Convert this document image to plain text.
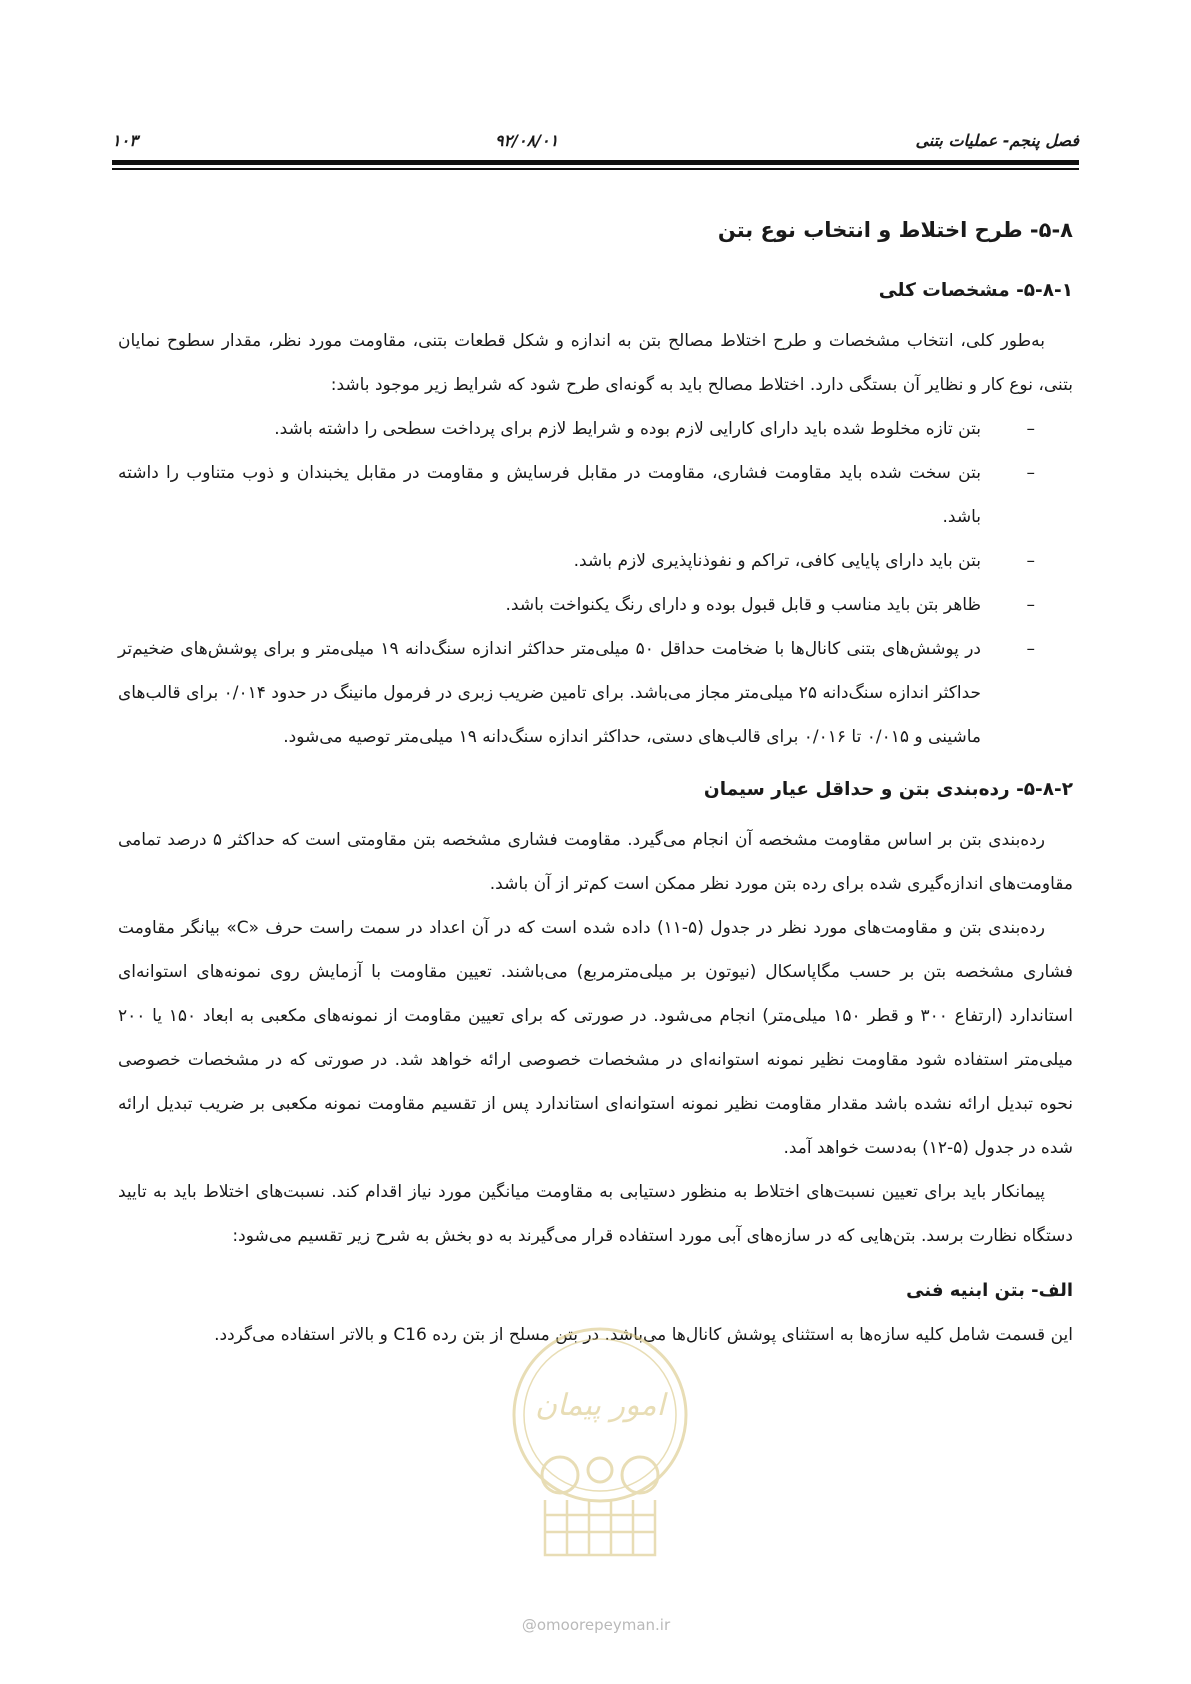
فصل پنجم- عملیات بتنی
۹۲/۰۸/۰۱
۱۰۳
۵-۸- طرح اختلاط و انتخاب نوع بتن
۵-۸-۱- مشخصات کلی

به‌طور کلی، انتخاب مشخصات و طرح اختلاط مصالح بتن به اندازه و شکل قطعات بتنی، مقاومت مورد نظر، مقدار سطوح نمایان بتنی، نوع کار و نظایر آن بستگی دارد. اختلاط مصالح باید به گونه‌ای طرح شود که شرایط زیر موجود باشد:

–
بتن تازه مخلوط شده باید دارای کارایی لازم بوده و شرایط لازم برای پرداخت سطحی را داشته باشد.
–
بتن سخت شده باید مقاومت فشاری، مقاومت در مقابل فرسایش و مقاومت در مقابل یخبندان و ذوب متناوب را داشته باشد.
–
بتن باید دارای پایایی کافی، تراکم و نفوذناپذیری لازم باشد.
–
ظاهر بتن باید مناسب و قابل قبول بوده و دارای رنگ یکنواخت باشد.
–
در پوشش‌های بتنی کانال‌ها با ضخامت حداقل ۵۰ میلی‌متر حداکثر اندازه سنگ‌دانه ۱۹ میلی‌متر و برای پوشش‌های ضخیم‌تر حداکثر اندازه سنگ‌دانه ۲۵ میلی‌متر مجاز می‌باشد. برای تامین ضریب زبری در فرمول مانینگ در حدود ۰/۰۱۴ برای قالب‌های ماشینی و ۰/۰۱۵ تا ۰/۰۱۶ برای قالب‌های دستی، حداکثر اندازه سنگ‌دانه ۱۹ میلی‌متر توصیه می‌شود.
۵-۸-۲- رده‌بندی بتن و حداقل عیار سیمان

رده‌بندی بتن بر اساس مقاومت مشخصه آن انجام می‌گیرد. مقاومت فشاری مشخصه بتن مقاومتی است که حداکثر ۵ درصد تمامی مقاومت‌های اندازه‌گیری شده برای رده بتن مورد نظر ممکن است کم‌تر از آن باشد.

رده‌بندی بتن و مقاومت‌های مورد نظر در جدول (۵-۱۱) داده شده است که در آن اعداد در سمت راست حرف «C» بیانگر مقاومت فشاری مشخصه بتن بر حسب مگاپاسکال (نیوتون بر میلی‌مترمربع) می‌باشند. تعیین مقاومت با آزمایش روی نمونه‌های استوانه‌ای استاندارد (ارتفاع ۳۰۰ و قطر ۱۵۰ میلی‌متر) انجام می‌شود. در صورتی که برای تعیین مقاومت از نمونه‌های مکعبی به ابعاد ۱۵۰ یا ۲۰۰ میلی‌متر استفاده شود مقاومت نظیر نمونه استوانه‌ای در مشخصات خصوصی ارائه خواهد شد. در صورتی که در مشخصات خصوصی نحوه تبدیل ارائه نشده باشد مقدار مقاومت نظیر نمونه استوانه‌ای استاندارد پس از تقسیم مقاومت نمونه مکعبی بر ضریب تبدیل ارائه شده در جدول (۵-۱۲) به‌دست خواهد آمد.

پیمانکار باید برای تعیین نسبت‌های اختلاط به منظور دستیابی به مقاومت میانگین مورد نیاز اقدام کند. نسبت‌های اختلاط باید به تایید دستگاه نظارت برسد. بتن‌هایی که در سازه‌های آبی مورد استفاده قرار می‌گیرند به دو بخش به شرح زیر تقسیم می‌شود:

الف- بتن ابنیه فنی
این قسمت شامل کلیه سازه‌ها به استثنای پوشش کانال‌ها می‌باشد. در بتن مسلح از بتن رده C16 و بالاتر استفاده می‌گردد.
امور پیمان
@omoorepeyman.ir
